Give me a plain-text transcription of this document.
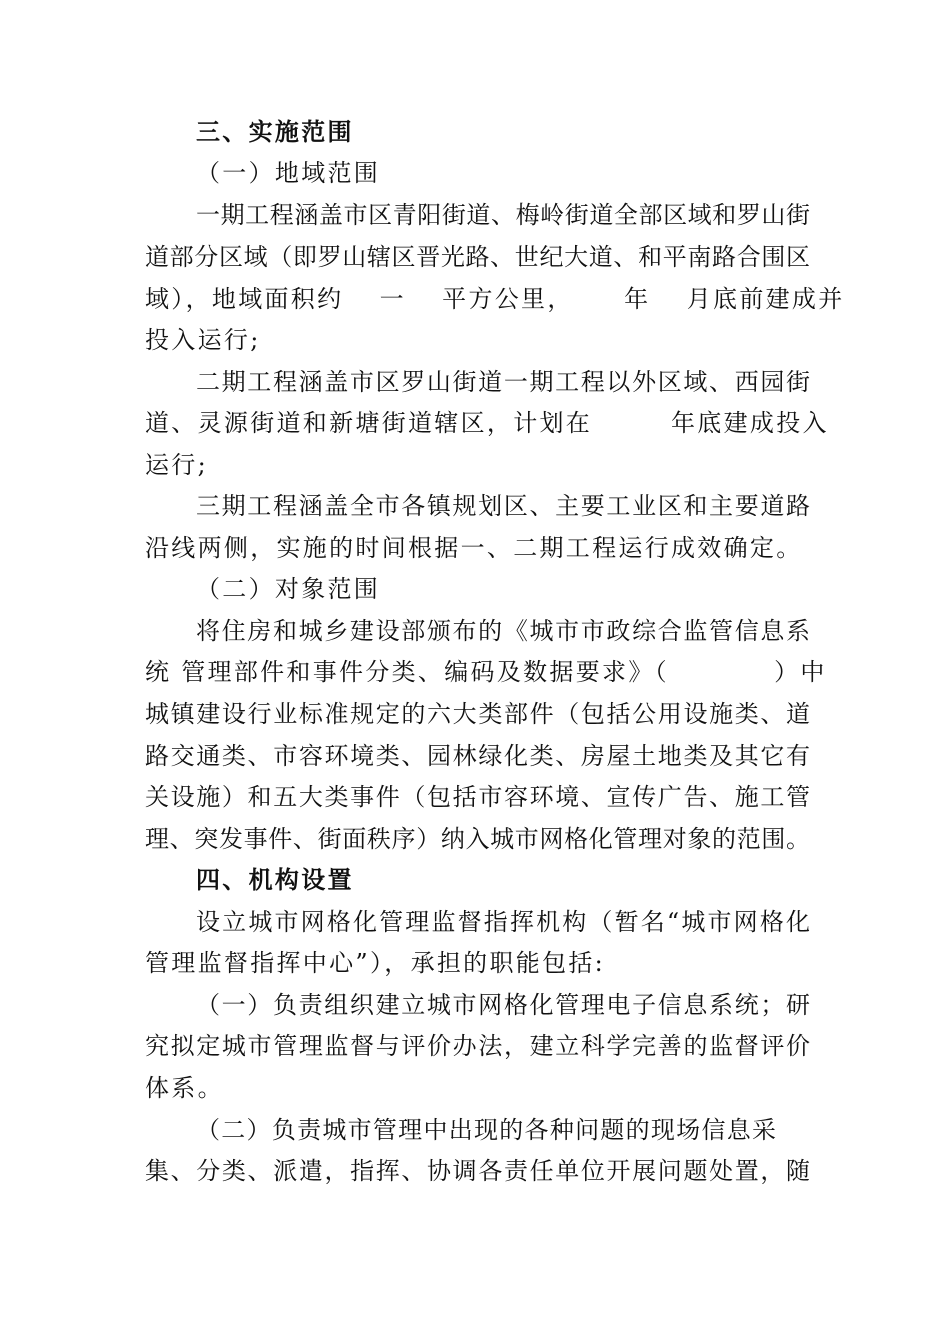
三、实施范围
（一）地域范围
一期工程涵盖市区青阳街道、梅岭街道全部区域和罗山街
道部分区域（即罗山辖区晋光路、世纪大道、和平南路合围区
域），地域面积约　 一　 平方公里，　　 年　 月底前建成并
投入运行;
二期工程涵盖市区罗山街道一期工程以外区域、西园街
道、灵源街道和新塘街道辖区，计划在　　　年底建成投入
运行;
三期工程涵盖全市各镇规划区、主要工业区和主要道路
沿线两侧，实施的时间根据一、二期工程运行成效确定。
（二）对象范围
将住房和城乡建设部颁布的《城市市政综合监管信息系
统 管理部件和事件分类、编码及数据要求》（　　　　）中
城镇建设行业标准规定的六大类部件（包括公用设施类、道
路交通类、市容环境类、园林绿化类、房屋土地类及其它有
关设施）和五大类事件（包括市容环境、宣传广告、施工管
理、突发事件、街面秩序）纳入城市网格化管理对象的范围。
四、机构设置
设立城市网格化管理监督指挥机构（暂名“城市网格化
管理监督指挥中心”），承担的职能包括:
（一）负责组织建立城市网格化管理电子信息系统；研
究拟定城市管理监督与评价办法，建立科学完善的监督评价
体系。
（二）负责城市管理中出现的各种问题的现场信息采
集、分类、派遣，指挥、协调各责任单位开展问题处置，随
